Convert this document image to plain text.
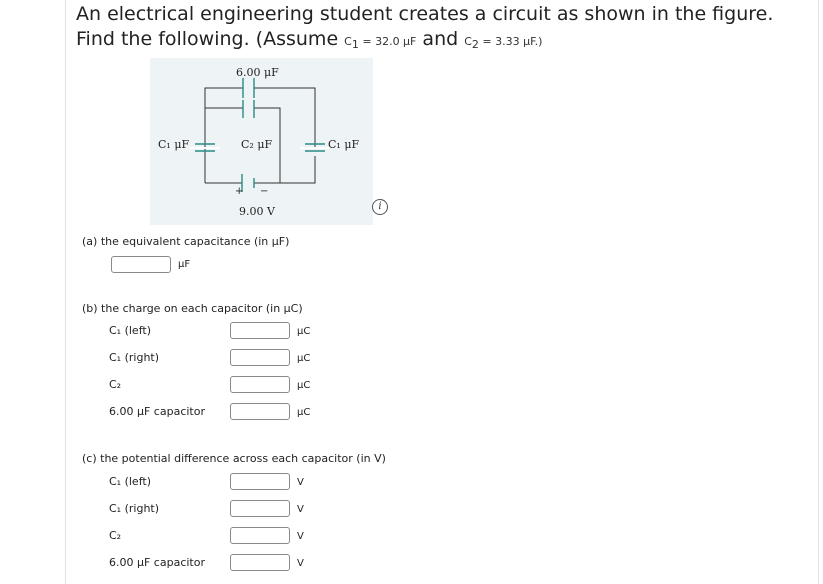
An electrical engineering student creates a circuit as shown in the figure.
Find the following. (Assume $C_1 = 32.0$ μF and $C_2 = 3.33$ μF.)
6.00 μF
C₁ μF	C₂ μF	C₁ μF
+ −
9.00 V	i
(a) the equivalent capacitance (in μF)
μF
(b) the charge on each capacitor (in μC)
C₁ (left)	μC
C₁ (right)	μC
C₂	μC
6.00 μF capacitor	μC
(c) the potential difference across each capacitor (in V)
C₁ (left)	V
C₁ (right)	V
C₂	V
6.00 μF capacitor	V
